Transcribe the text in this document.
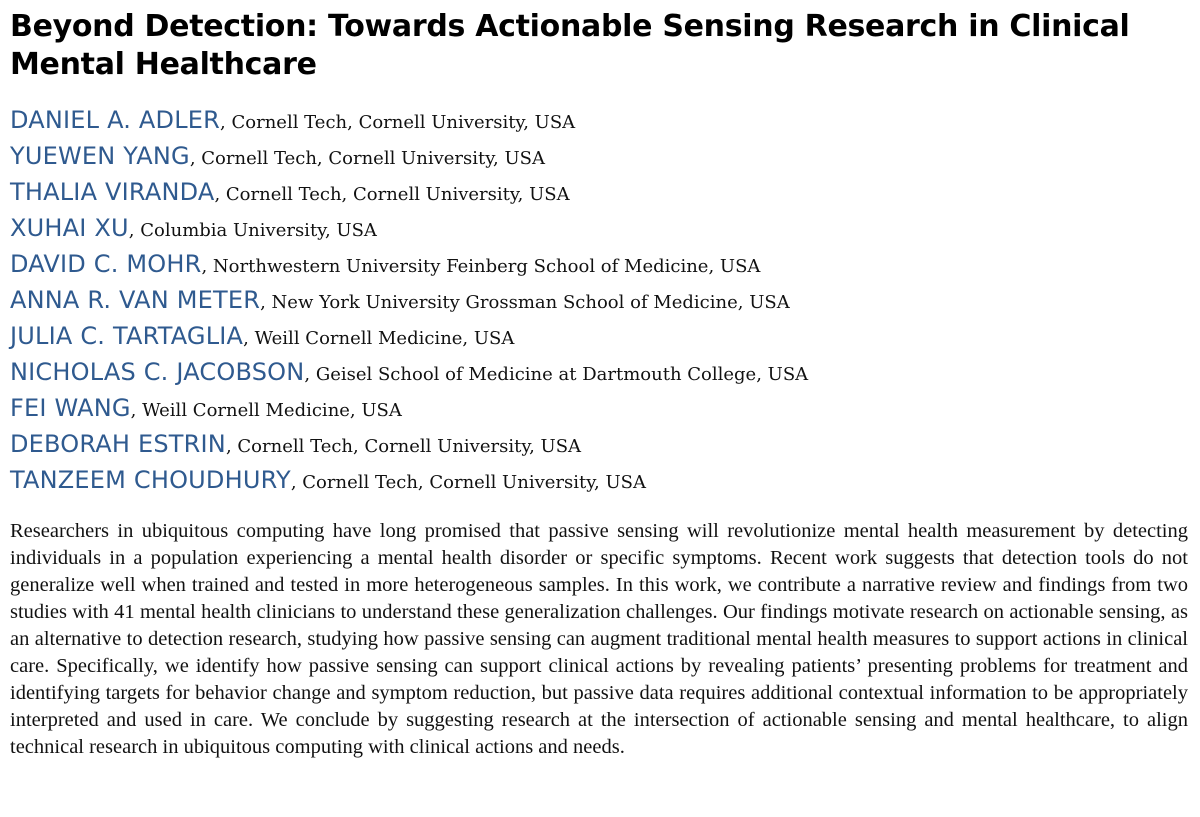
Beyond Detection: Towards Actionable Sensing Research in Clinical Mental Healthcare
DANIEL A. ADLER, Cornell Tech, Cornell University, USA
YUEWEN YANG, Cornell Tech, Cornell University, USA
THALIA VIRANDA, Cornell Tech, Cornell University, USA
XUHAI XU, Columbia University, USA
DAVID C. MOHR, Northwestern University Feinberg School of Medicine, USA
ANNA R. VAN METER, New York University Grossman School of Medicine, USA
JULIA C. TARTAGLIA, Weill Cornell Medicine, USA
NICHOLAS C. JACOBSON, Geisel School of Medicine at Dartmouth College, USA
FEI WANG, Weill Cornell Medicine, USA
DEBORAH ESTRIN, Cornell Tech, Cornell University, USA
TANZEEM CHOUDHURY, Cornell Tech, Cornell University, USA

Researchers in ubiquitous computing have long promised that passive sensing will revolutionize mental health measurement by detecting individuals in a population experiencing a mental health disorder or specific symptoms. Recent work suggests that detection tools do not generalize well when trained and tested in more heterogeneous samples. In this work, we contribute a narrative review and findings from two studies with 41 mental health clinicians to understand these generalization challenges. Our findings motivate research on actionable sensing, as an alternative to detection research, studying how passive sensing can augment traditional mental health measures to support actions in clinical care. Specifically, we identify how passive sensing can support clinical actions by revealing patients’ presenting problems for treatment and identifying targets for behavior change and symptom reduction, but passive data requires additional contextual information to be appropriately interpreted and used in care. We conclude by suggesting research at the intersection of actionable sensing and mental healthcare, to align technical research in ubiquitous computing with clinical actions and needs.
